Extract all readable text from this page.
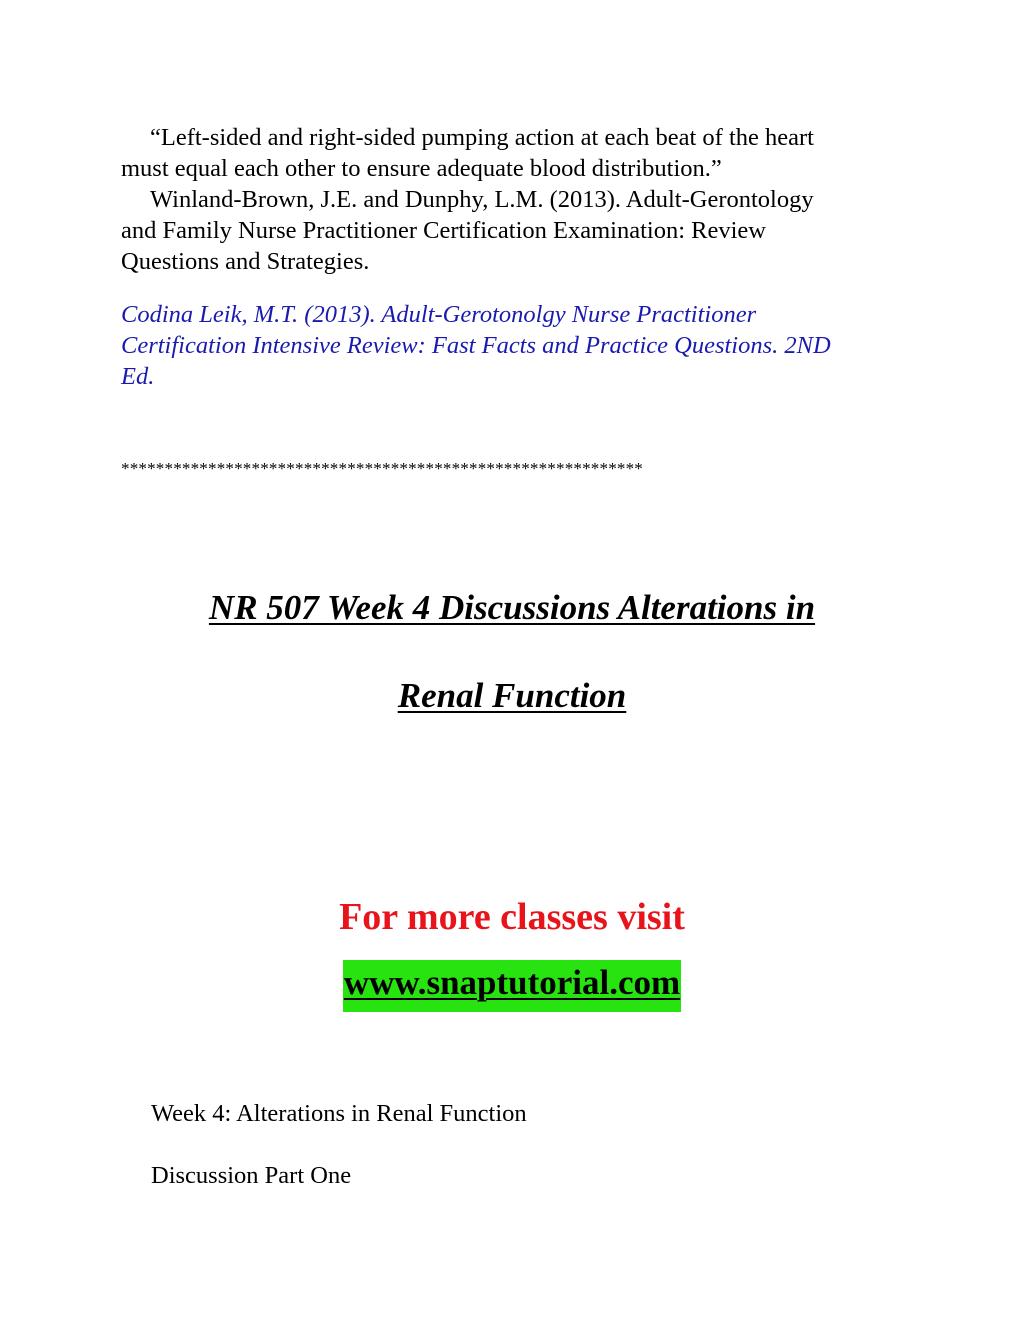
“Left-sided and right-sided pumping action at each beat of the heart
must equal each other to ensure adequate blood distribution.”
Winland-Brown, J.E. and Dunphy, L.M. (2013). Adult-Gerontology
and Family Nurse Practitioner Certification Examination: Review
Questions and Strategies.
Codina Leik, M.T. (2013). Adult-Gerotonolgy Nurse Practitioner
Certification Intensive Review: Fast Facts and Practice Questions. 2ND
Ed.
************************************************************
NR 507 Week 4 Discussions Alterations in
Renal Function
For more classes visit
www.snaptutorial.com
Week 4: Alterations in Renal Function
Discussion Part One
